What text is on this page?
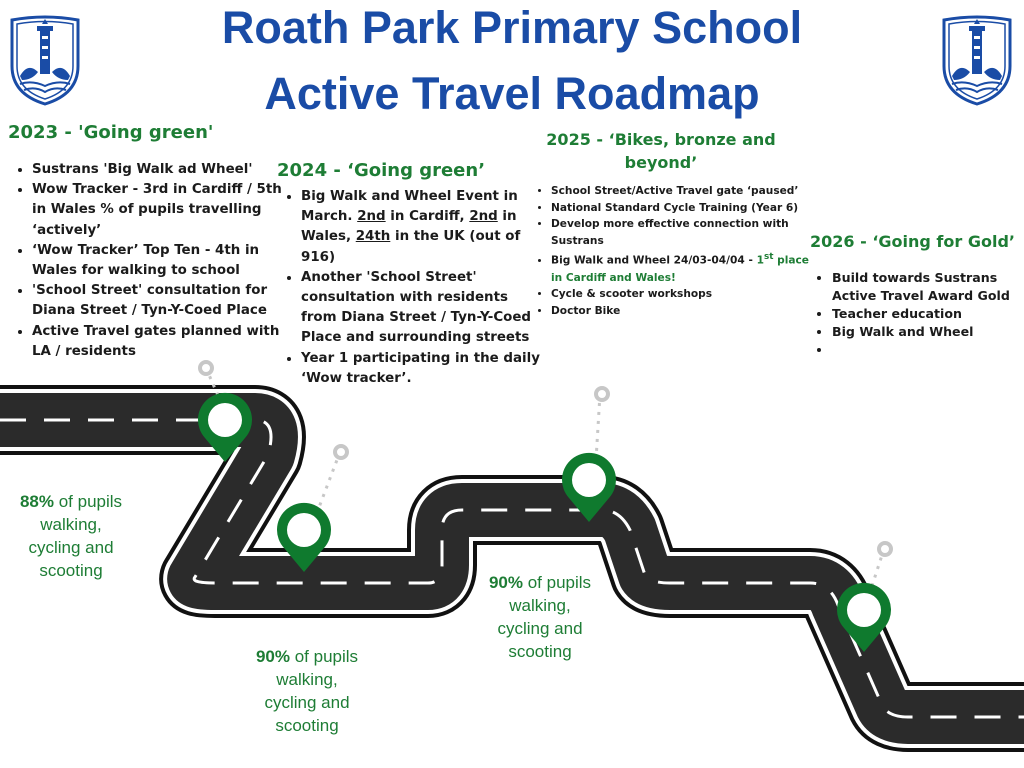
Roath Park Primary School
Active Travel Roadmap
2023 - 'Going green'
• Sustrans 'Big Walk ad Wheel'
• Wow Tracker - 3rd in Cardiff / 5th in Wales % of pupils travelling ‘actively’
• ‘Wow Tracker’ Top Ten - 4th in Wales for walking to school
• 'School Street' consultation for Diana Street / Tyn-Y-Coed Place
• Active Travel gates planned with LA / residents
2024 - ‘Going green’
• Big Walk and Wheel Event in March. 2nd in Cardiff, 2nd in Wales, 24th in the UK (out of 916)
• Another 'School Street' consultation with residents from Diana Street / Tyn-Y-Coed Place and surrounding streets
• Year 1 participating in the daily ‘Wow tracker’.
2025 - ‘Bikes, bronze and beyond’
• School Street/Active Travel gate ‘paused’
• National Standard Cycle Training (Year 6)
• Develop more effective connection with Sustrans
• Big Walk and Wheel 24/03-04/04 - 1st place in Cardiff and Wales!
• Cycle & scooter workshops
• Doctor Bike
2026 - ‘Going for Gold’
• Build towards Sustrans Active Travel Award Gold
• Teacher education
• Big Walk and Wheel
•
88% of pupils
walking, cycling and scooting
90% of pupils
walking, cycling and scooting
90% of pupils
walking, cycling and scooting
